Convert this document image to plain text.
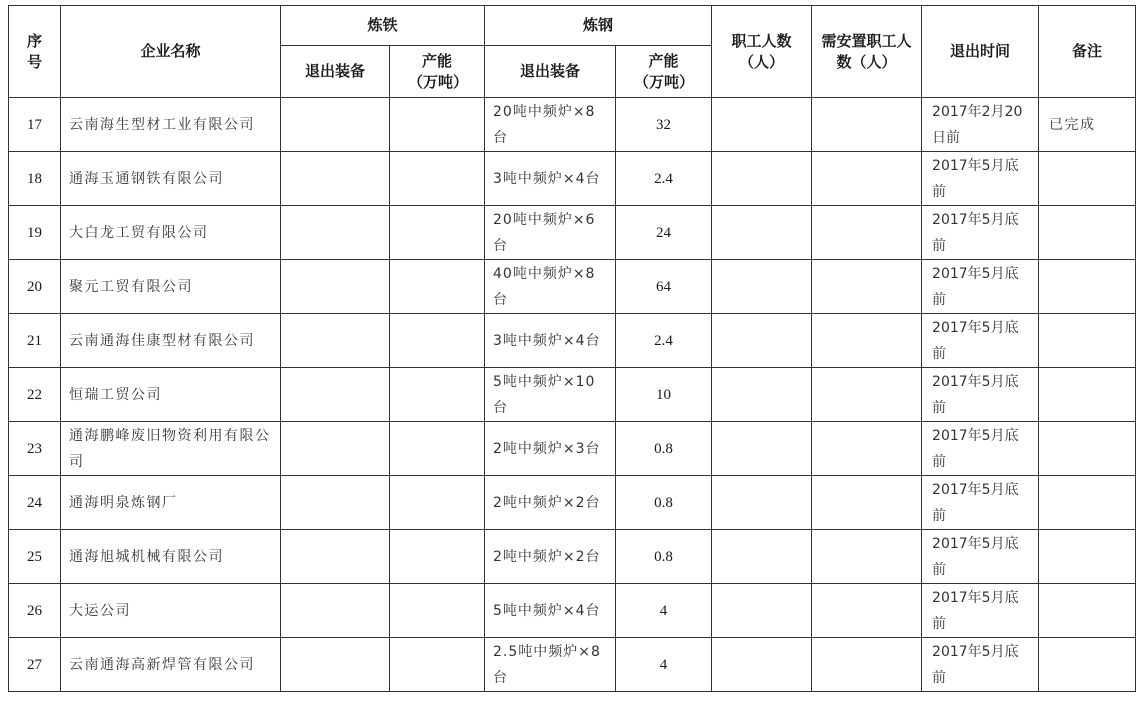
序号	企业名称	炼铁		炼钢		职工人数（人）	需安置职工人数（人）	退出时间	备注
		退出装备	产能（万吨）	退出装备	产能（万吨）				
17	云南海生型材工业有限公司			20吨中频炉×8台	32			2017年2月20日前	已完成
18	通海玉通钢铁有限公司			3吨中频炉×4台	2.4			2017年5月底前	
19	大白龙工贸有限公司			20吨中频炉×6台	24			2017年5月底前	
20	聚元工贸有限公司			40吨中频炉×8台	64			2017年5月底前	
21	云南通海佳康型材有限公司			3吨中频炉×4台	2.4			2017年5月底前	
22	恒瑞工贸公司			5吨中频炉×10台	10			2017年5月底前	
23	通海鹏峰废旧物资利用有限公司			2吨中频炉×3台	0.8			2017年5月底前	
24	通海明泉炼钢厂			2吨中频炉×2台	0.8			2017年5月底前	
25	通海旭城机械有限公司			2吨中频炉×2台	0.8			2017年5月底前	
26	大运公司			5吨中频炉×4台	4			2017年5月底前	
27	云南通海高新焊管有限公司			2.5吨中频炉×8台	4			2017年5月底前	
